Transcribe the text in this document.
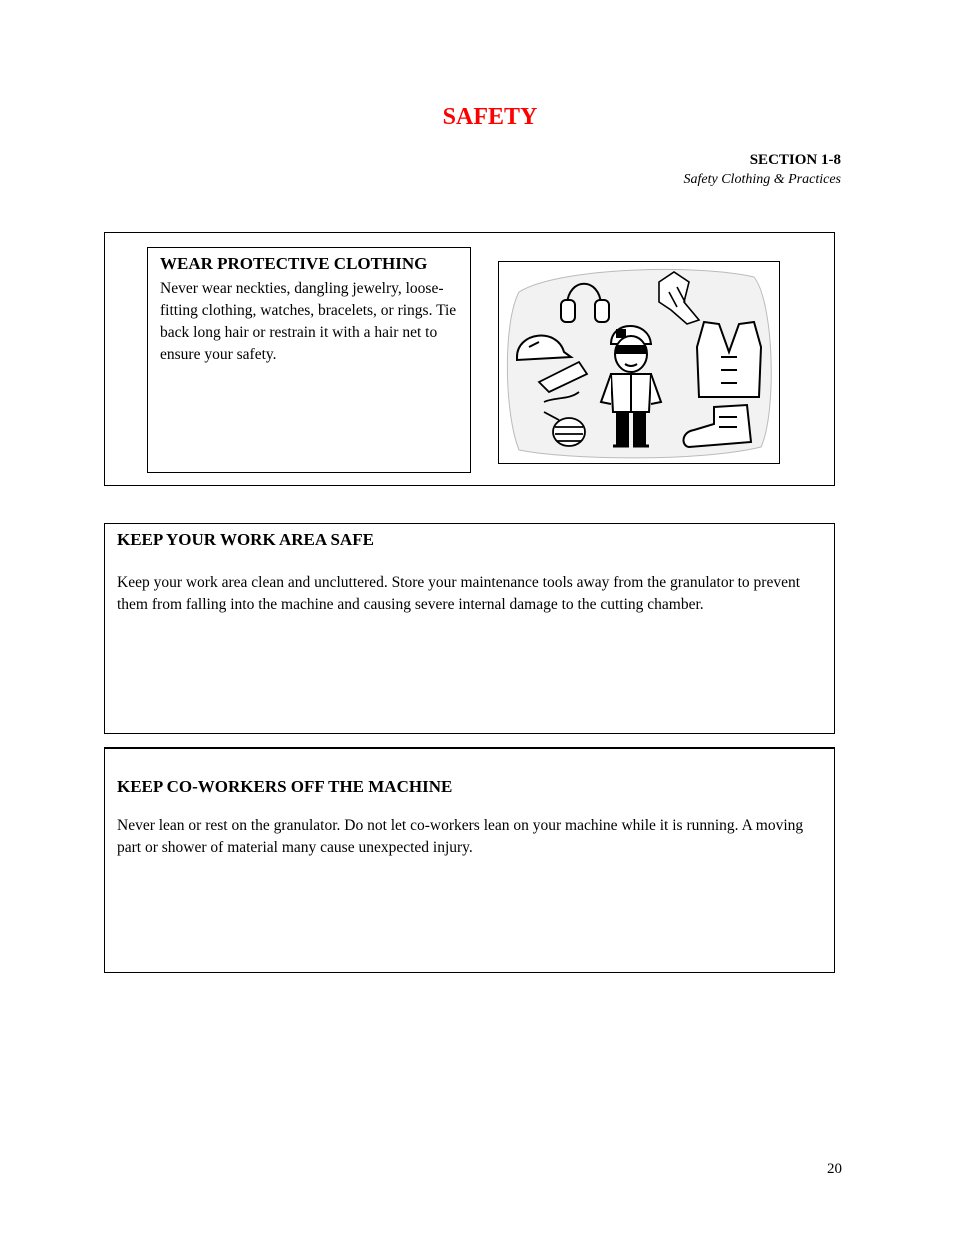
SAFETY
SECTION 1-8
Safety Clothing & Practices
WEAR PROTECTIVE CLOTHING
Never wear neckties, dangling jewelry, loose-fitting clothing, watches, bracelets, or rings. Tie back long hair or restrain it with a hair net to ensure your safety.
KEEP YOUR WORK AREA SAFE
Keep your work area clean and uncluttered. Store your maintenance tools away from the granulator to prevent them from falling into the machine and causing severe internal damage to the cutting chamber.
KEEP CO-WORKERS OFF THE MACHINE
Never lean or rest on the granulator. Do not let co-workers lean on your machine while it is running. A moving part or shower of material many cause unexpected injury.
20
